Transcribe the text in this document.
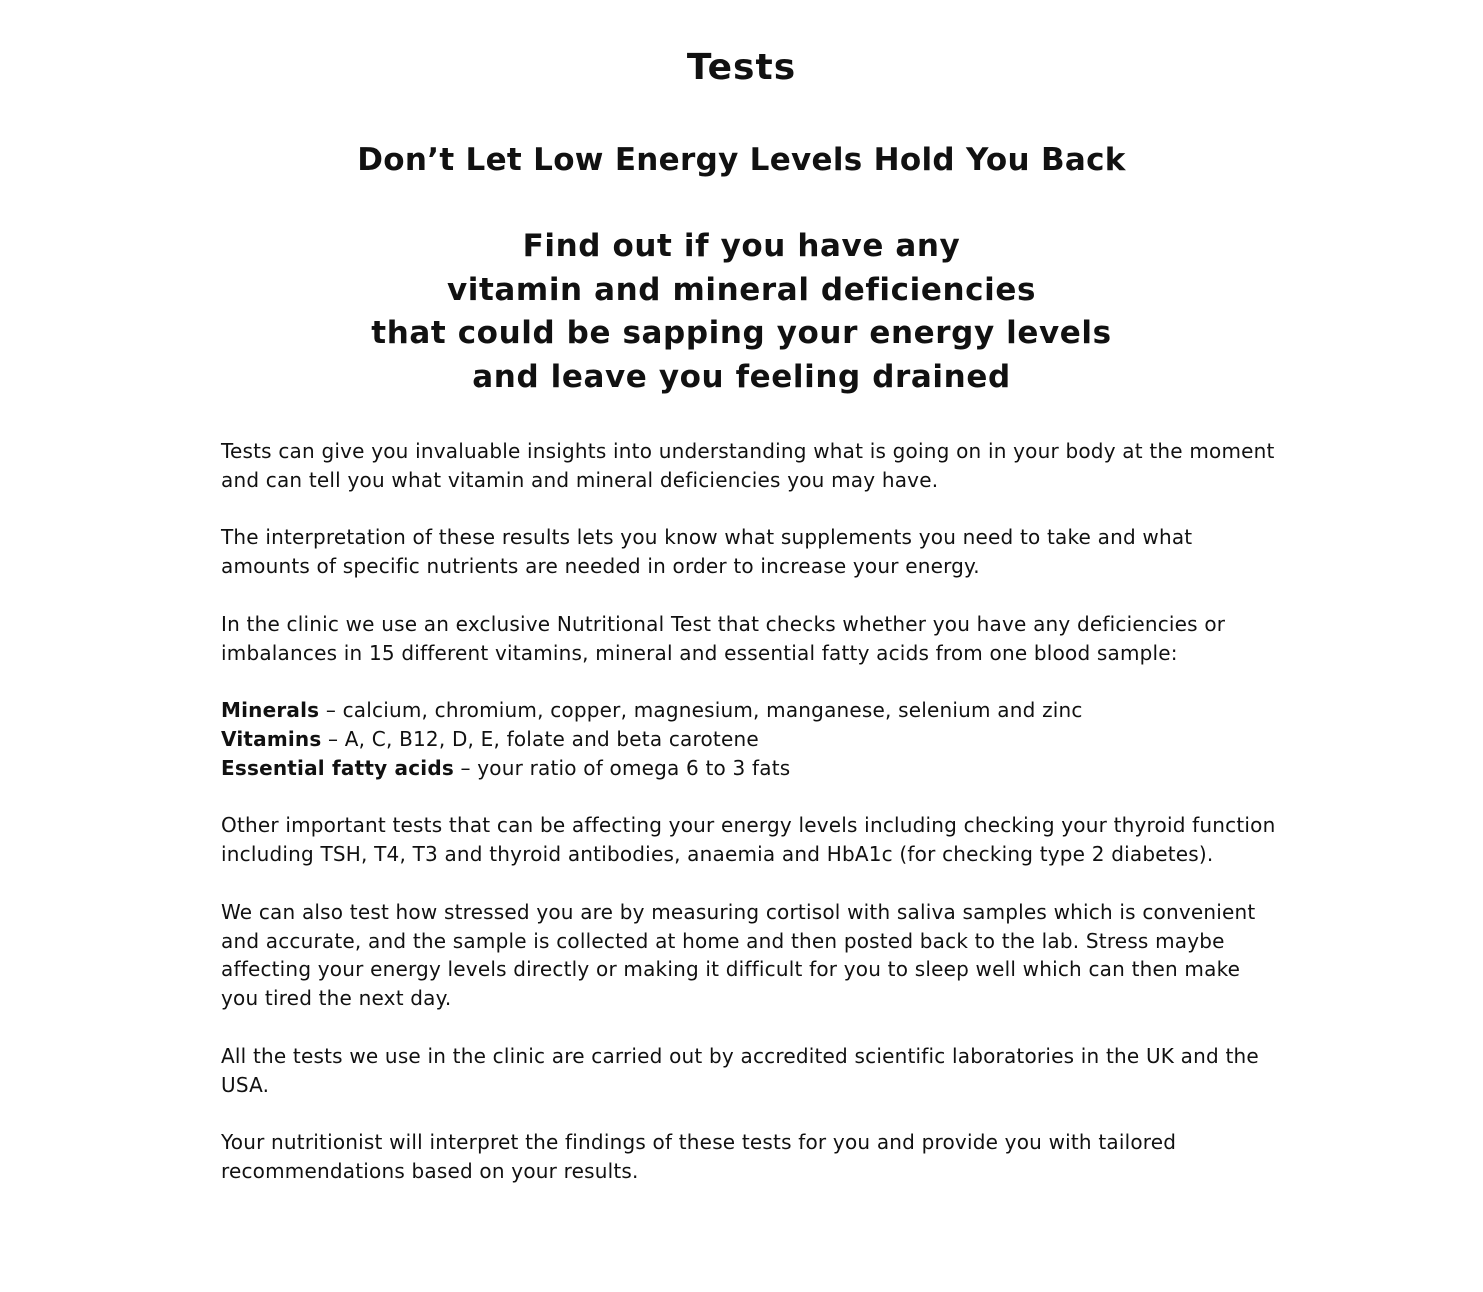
Tests
Don’t Let Low Energy Levels Hold You Back
Find out if you have any
vitamin and mineral deficiencies
that could be sapping your energy levels
and leave you feeling drained

Tests can give you invaluable insights into understanding what is going on in your body at the moment and can tell you what vitamin and mineral deficiencies you may have.

The interpretation of these results lets you know what supplements you need to take and what amounts of specific nutrients are needed in order to increase your energy.

In the clinic we use an exclusive Nutritional Test that checks whether you have any deficiencies or imbalances in 15 different vitamins, mineral and essential fatty acids from one blood sample:

Minerals – calcium, chromium, copper, magnesium, manganese, selenium and zinc
Vitamins – A, C, B12, D, E, folate and beta carotene
Essential fatty acids – your ratio of omega 6 to 3 fats

Other important tests that can be affecting your energy levels including checking your thyroid function including TSH, T4, T3 and thyroid antibodies, anaemia and HbA1c (for checking type 2 diabetes).

We can also test how stressed you are by measuring cortisol with saliva samples which is convenient and accurate, and the sample is collected at home and then posted back to the lab. Stress maybe affecting your energy levels directly or making it difficult for you to sleep well which can then make you tired the next day.

All the tests we use in the clinic are carried out by accredited scientific laboratories in the UK and the USA.

Your nutritionist will interpret the findings of these tests for you and provide you with tailored recommendations based on your results.
